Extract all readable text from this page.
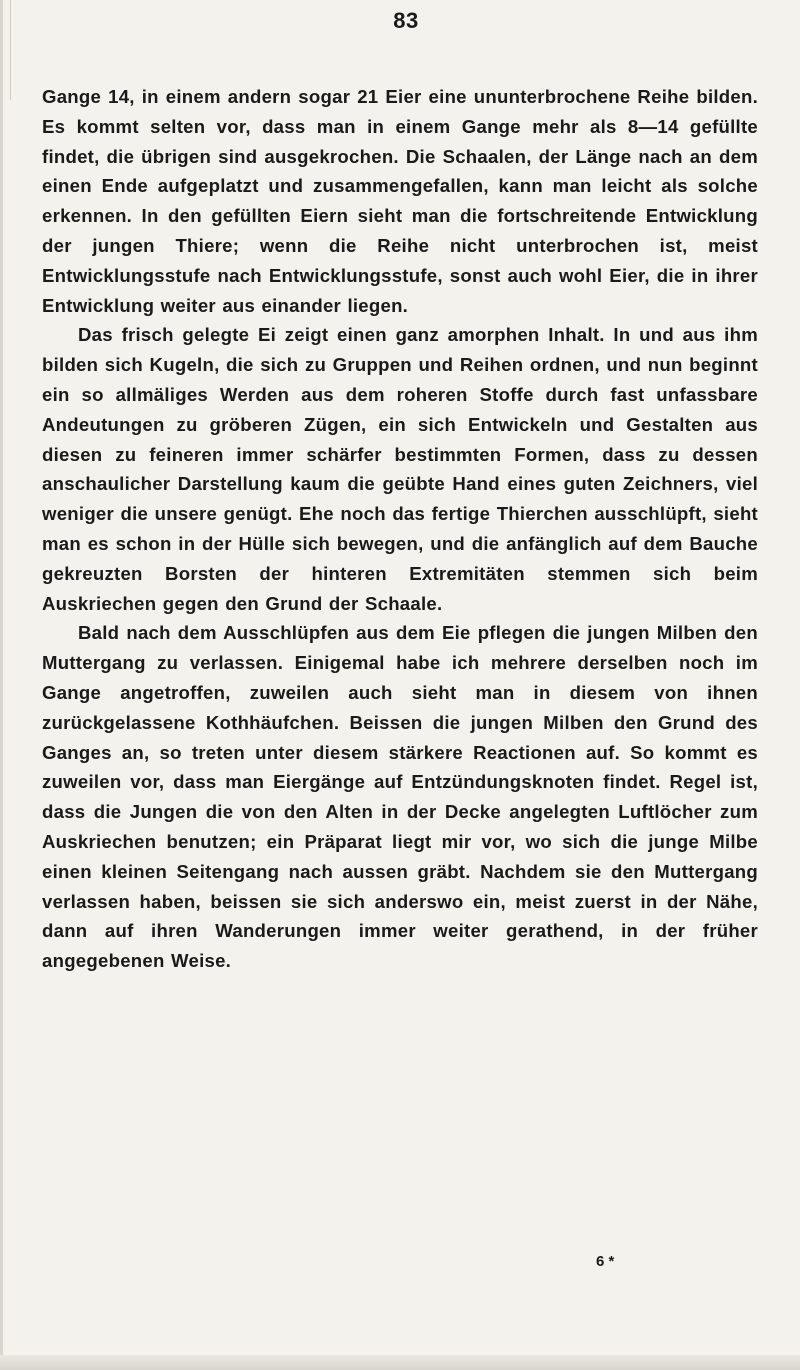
83

Gange 14, in einem andern sogar 21 Eier eine ununterbrochene Reihe bilden. Es kommt selten vor, dass man in einem Gange mehr als 8—14 gefüllte findet, die übrigen sind ausgekrochen. Die Schaalen, der Länge nach an dem einen Ende aufgeplatzt und zusammengefallen, kann man leicht als solche erkennen. In den gefüllten Eiern sieht man die fortschreitende Entwicklung der jungen Thiere; wenn die Reihe nicht unterbrochen ist, meist Entwicklungsstufe nach Entwicklungsstufe, sonst auch wohl Eier, die in ihrer Entwicklung weiter aus einander liegen.

Das frisch gelegte Ei zeigt einen ganz amorphen Inhalt. In und aus ihm bilden sich Kugeln, die sich zu Gruppen und Reihen ordnen, und nun beginnt ein so allmäliges Werden aus dem roheren Stoffe durch fast unfassbare Andeutungen zu gröberen Zügen, ein sich Entwickeln und Gestalten aus diesen zu feineren immer schärfer bestimmten Formen, dass zu dessen anschaulicher Darstellung kaum die geübte Hand eines guten Zeichners, viel weniger die unsere genügt. Ehe noch das fertige Thierchen ausschlüpft, sieht man es schon in der Hülle sich bewegen, und die anfänglich auf dem Bauche gekreuzten Borsten der hinteren Extremitäten stemmen sich beim Auskriechen gegen den Grund der Schaale.

Bald nach dem Ausschlüpfen aus dem Eie pflegen die jungen Milben den Muttergang zu verlassen. Einigemal habe ich mehrere derselben noch im Gange angetroffen, zuweilen auch sieht man in diesem von ihnen zurückgelassene Kothhäufchen. Beissen die jungen Milben den Grund des Ganges an, so treten unter diesem stärkere Reactionen auf. So kommt es zuweilen vor, dass man Eiergänge auf Entzündungsknoten findet. Regel ist, dass die Jungen die von den Alten in der Decke angelegten Luftlöcher zum Auskriechen benutzen; ein Präparat liegt mir vor, wo sich die junge Milbe einen kleinen Seitengang nach aussen gräbt. Nachdem sie den Muttergang verlassen haben, beissen sie sich anderswo ein, meist zuerst in der Nähe, dann auf ihren Wanderungen immer weiter gerathend, in der früher angegebenen Weise.

6 *
